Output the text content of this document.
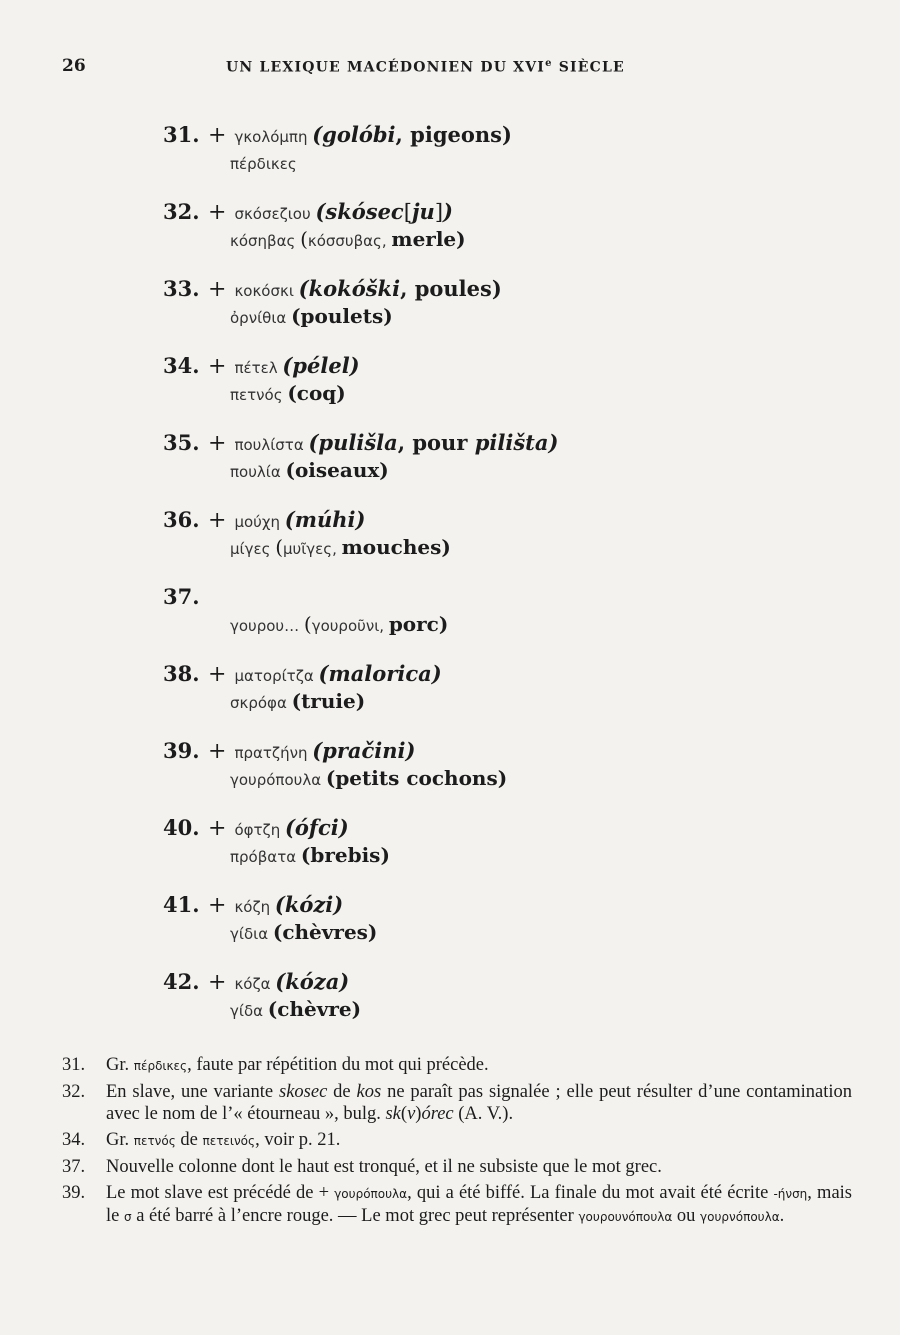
26	UN LEXIQUE MACÉDONIEN DU XVIe SIÈCLE
31. + γκολόμπη (golóbi, pigeons)
πέρδικες
32. + σκόσεζιου (skósec[ju])
κόσηβας (κόσσυβας, merle)
33. + κοκόσκι (kokóški, poules)
ὀρνίθια (poulets)
34. + πέτελ (pélel)
πετνός (coq)
35. + πουλίστα (pulišla, pour pilišta)
πουλία (oiseaux)
36. + μούχη (múhi)
μίγες (μυῖγες, mouches)
37.
γουρου… (γουροῦνι, porc)
38. + ματορίτζα (malorica)
σκρόφα (truie)
39. + πρατζήνη (pračini)
γουρόπουλα (petits cochons)
40. + όφτζη (ófci)
πρόβατα (brebis)
41. + κόζη (kózi)
γίδια (chèvres)
42. + κόζα (kóza)
γίδα (chèvre)
31.	Gr. πέρδικες, faute par répétition du mot qui précède.
32.	En slave, une variante skosec de kos ne paraît pas signalée ; elle peut résulter d’une contamination avec le nom de l’« étourneau », bulg. sk(v)órec (A. V.).
34.	Gr. πετνός de πετεινός, voir p. 21.
37.	Nouvelle colonne dont le haut est tronqué, et il ne subsiste que le mot grec.
39.	Le mot slave est précédé de + γουρόπουλα, qui a été biffé. La finale du mot avait été écrite -ήνση, mais le σ a été barré à l’encre rouge. — Le mot grec peut représenter γουρουνόπουλα ou γουρνόπουλα.
